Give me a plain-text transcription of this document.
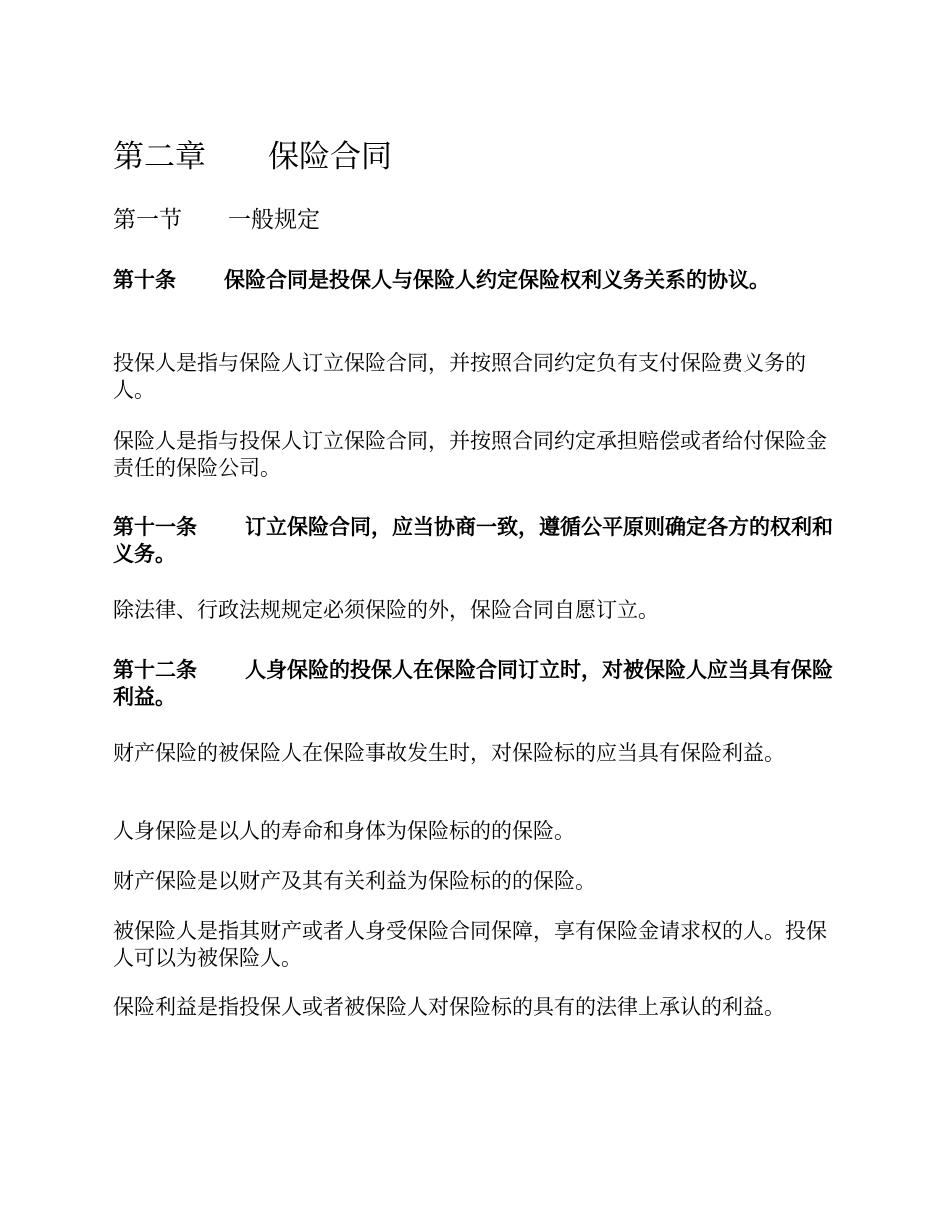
第二章　　保险合同
第一节　　一般规定

第十条 保险合同是投保人与保险人约定保险权利义务关系的协议。

投保人是指与保险人订立保险合同，并按照合同约定负有支付保险费义务的人。

保险人是指与投保人订立保险合同，并按照合同约定承担赔偿或者给付保险金责任的保险公司。

第十一条 订立保险合同，应当协商一致，遵循公平原则确定各方的权利和义务。

除法律、行政法规规定必须保险的外，保险合同自愿订立。

第十二条 人身保险的投保人在保险合同订立时，对被保险人应当具有保险利益。

财产保险的被保险人在保险事故发生时，对保险标的应当具有保险利益。

人身保险是以人的寿命和身体为保险标的的保险。

财产保险是以财产及其有关利益为保险标的的保险。

被保险人是指其财产或者人身受保险合同保障，享有保险金请求权的人。投保人可以为被保险人。

保险利益是指投保人或者被保险人对保险标的具有的法律上承认的利益。
